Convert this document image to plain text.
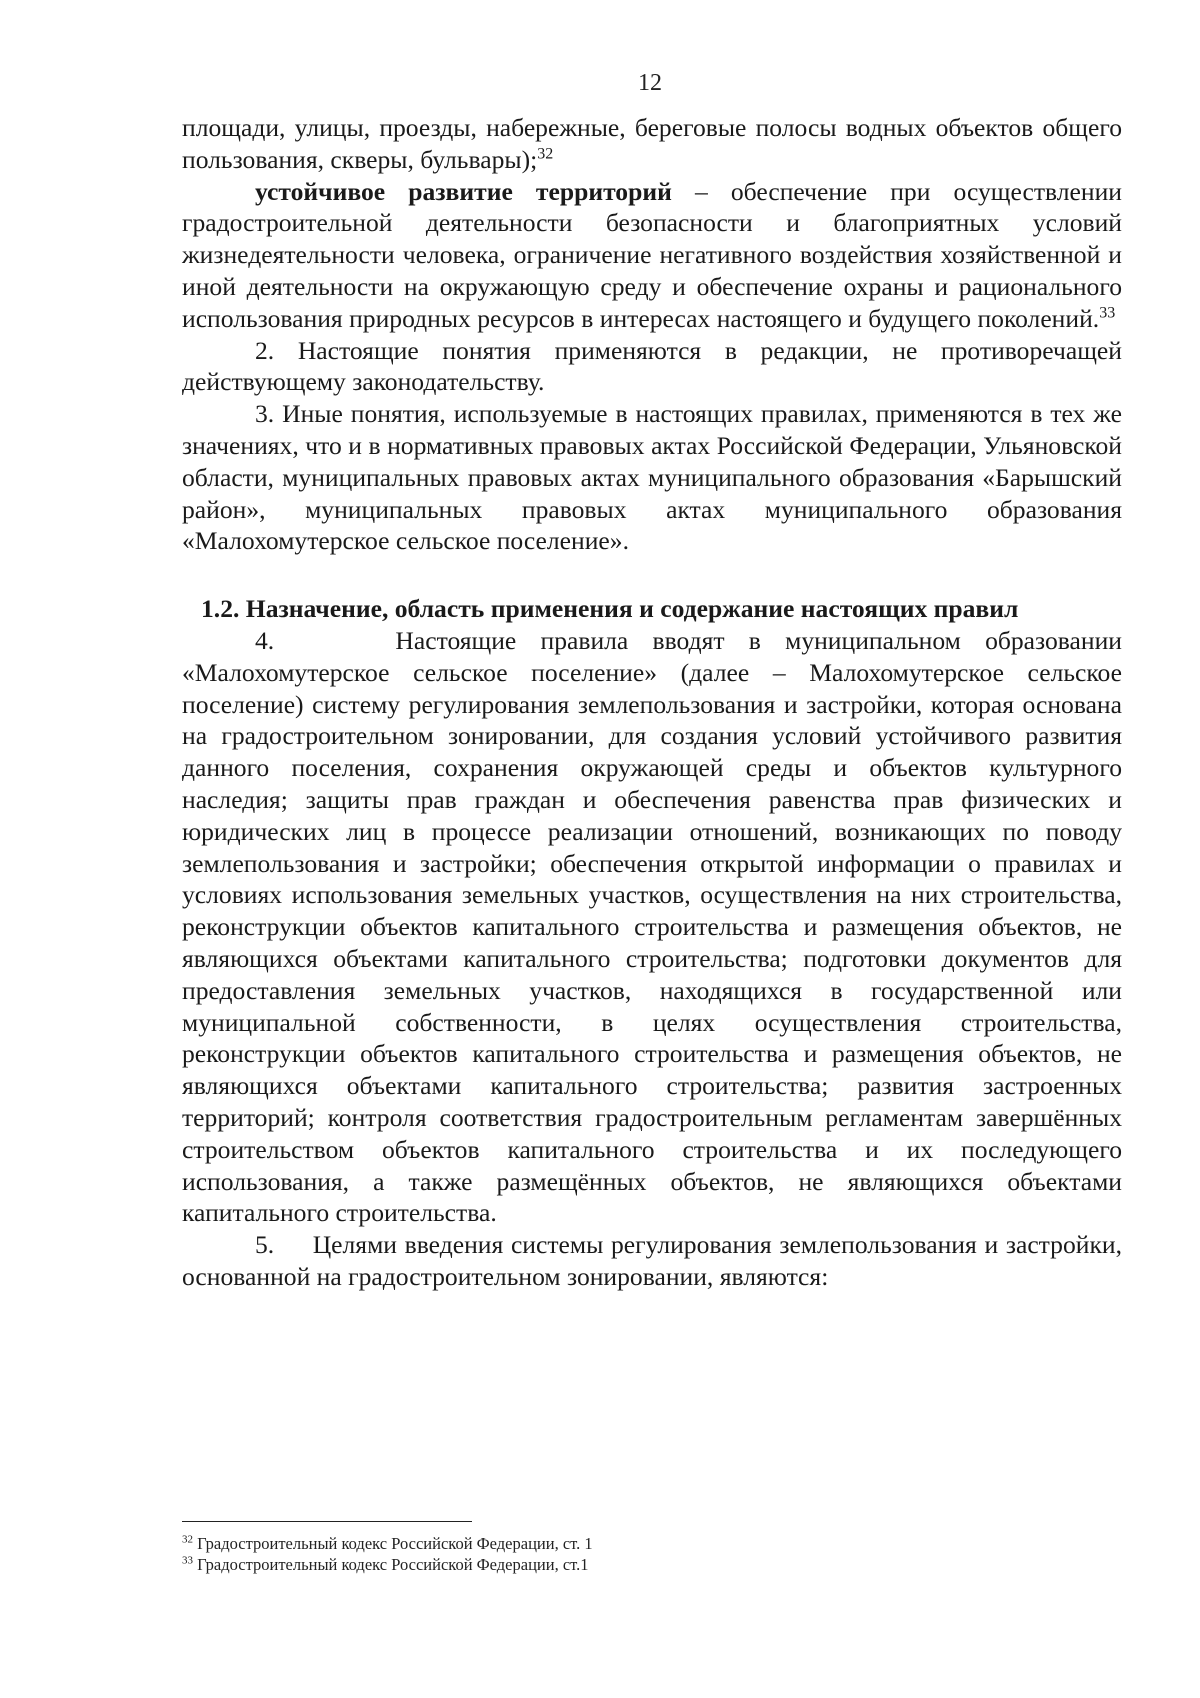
12

площади, улицы, проезды, набережные, береговые полосы водных объектов общего пользования, скверы, бульвары);$^{32}$

устойчивое развитие территорий – обеспечение при осуществлении градостроительной деятельности безопасности и благоприятных условий жизнедеятельности человека, ограничение негативного воздействия хозяйственной и иной деятельности на окружающую среду и обеспечение охраны и рационального использования природных ресурсов в интересах настоящего и будущего поколений.$^{33}$

2. Настоящие понятия применяются в редакции, не противоречащей действующему законодательству.

3. Иные понятия, используемые в настоящих правилах, применяются в тех же значениях, что и в нормативных правовых актах Российской Федерации, Ульяновской области, муниципальных правовых актах муниципального образования «Барышский район», муниципальных правовых актах муниципального образования «Малохомутерское сельское поселение».

1.2. Назначение, область применения и содержание настоящих правил

4.	Настоящие правила вводят в муниципальном образовании «Малохомутерское сельское поселение» (далее – Малохомутерское сельское поселение) систему регулирования землепользования и застройки, которая основана на градостроительном зонировании, для создания условий устойчивого развития данного поселения, сохранения окружающей среды и объектов культурного наследия; защиты прав граждан и обеспечения равенства прав физических и юридических лиц в процессе реализации отношений, возникающих по поводу землепользования и застройки; обеспечения открытой информации о правилах и условиях использования земельных участков, осуществления на них строительства, реконструкции объектов капитального строительства и размещения объектов, не являющихся объектами капитального строительства; подготовки документов для предоставления земельных участков, находящихся в государственной или муниципальной собственности, в целях осуществления строительства, реконструкции объектов капитального строительства и размещения объектов, не являющихся объектами капитального строительства; развития застроенных территорий; контроля соответствия градостроительным регламентам завершённых строительством объектов капитального строительства и их последующего использования, а также размещённых объектов, не являющихся объектами капитального строительства.

5. Целями введения системы регулирования землепользования и застройки, основанной на градостроительном зонировании, являются:

$^{32}$ Градостроительный кодекс Российской Федерации, ст. 1

$^{33}$ Градостроительный кодекс Российской Федерации, ст.1
